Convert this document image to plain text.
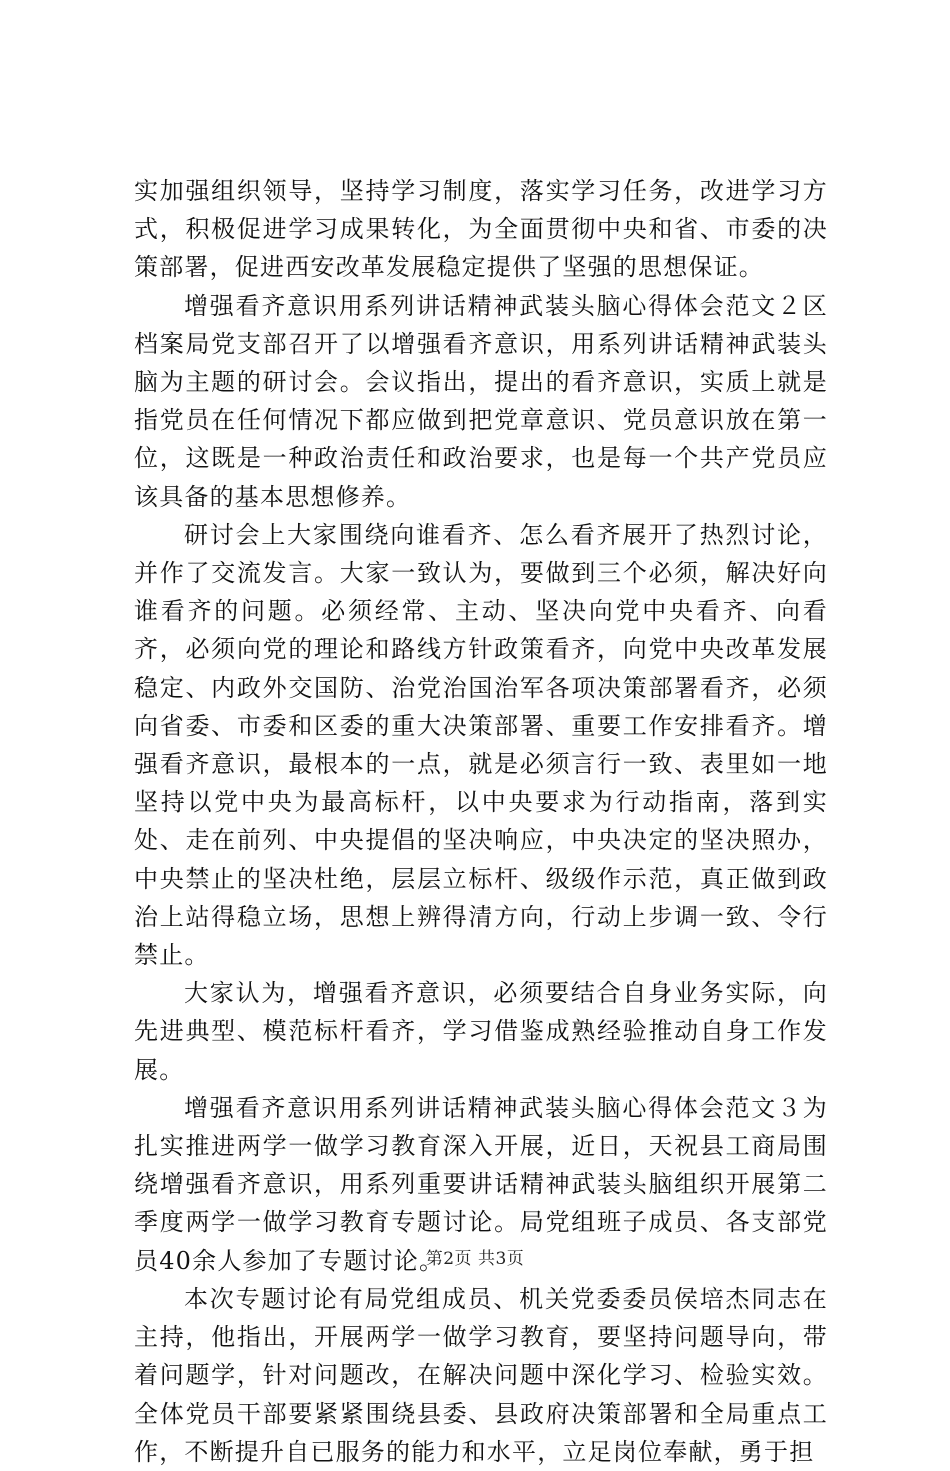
实加强组织领导，坚持学习制度，落实学习任务，改进学习方式，积极促进学习成果转化，为全面贯彻中央和省、市委的决策部署，促进西安改革发展稳定提供了坚强的思想保证。

增强看齐意识用系列讲话精神武装头脑心得体会范文２区档案局党支部召开了以增强看齐意识，用系列讲话精神武装头脑为主题的研讨会。会议指出，提出的看齐意识，实质上就是指党员在任何情况下都应做到把党章意识、党员意识放在第一位，这既是一种政治责任和政治要求，也是每一个共产党员应该具备的基本思想修养。

研讨会上大家围绕向谁看齐、怎么看齐展开了热烈讨论，并作了交流发言。大家一致认为，要做到三个必须，解决好向谁看齐的问题。必须经常、主动、坚决向党中央看齐、向看齐，必须向党的理论和路线方针政策看齐，向党中央改革发展稳定、内政外交国防、治党治国治军各项决策部署看齐，必须向省委、市委和区委的重大决策部署、重要工作安排看齐。增强看齐意识，最根本的一点，就是必须言行一致、表里如一地坚持以党中央为最高标杆，以中央要求为行动指南，落到实处、走在前列、中央提倡的坚决响应，中央决定的坚决照办，中央禁止的坚决杜绝，层层立标杆、级级作示范，真正做到政治上站得稳立场，思想上辨得清方向，行动上步调一致、令行禁止。

大家认为，增强看齐意识，必须要结合自身业务实际，向先进典型、模范标杆看齐，学习借鉴成熟经验推动自身工作发展。

增强看齐意识用系列讲话精神武装头脑心得体会范文３为扎实推进两学一做学习教育深入开展，近日，天祝县工商局围绕增强看齐意识，用系列重要讲话精神武装头脑组织开展第二季度两学一做学习教育专题讨论。局党组班子成员、各支部党员40余人参加了专题讨论。

本次专题讨论有局党组成员、机关党委委员侯培杰同志在主持，他指出，开展两学一做学习教育，要坚持问题导向，带着问题学，针对问题改，在解决问题中深化学习、检验实效。全体党员干部要紧紧围绕县委、县政府决策部署和全局重点工作，不断提升自已服务的能力和水平，立足岗位奉献，勇于担

第2页 共3页
